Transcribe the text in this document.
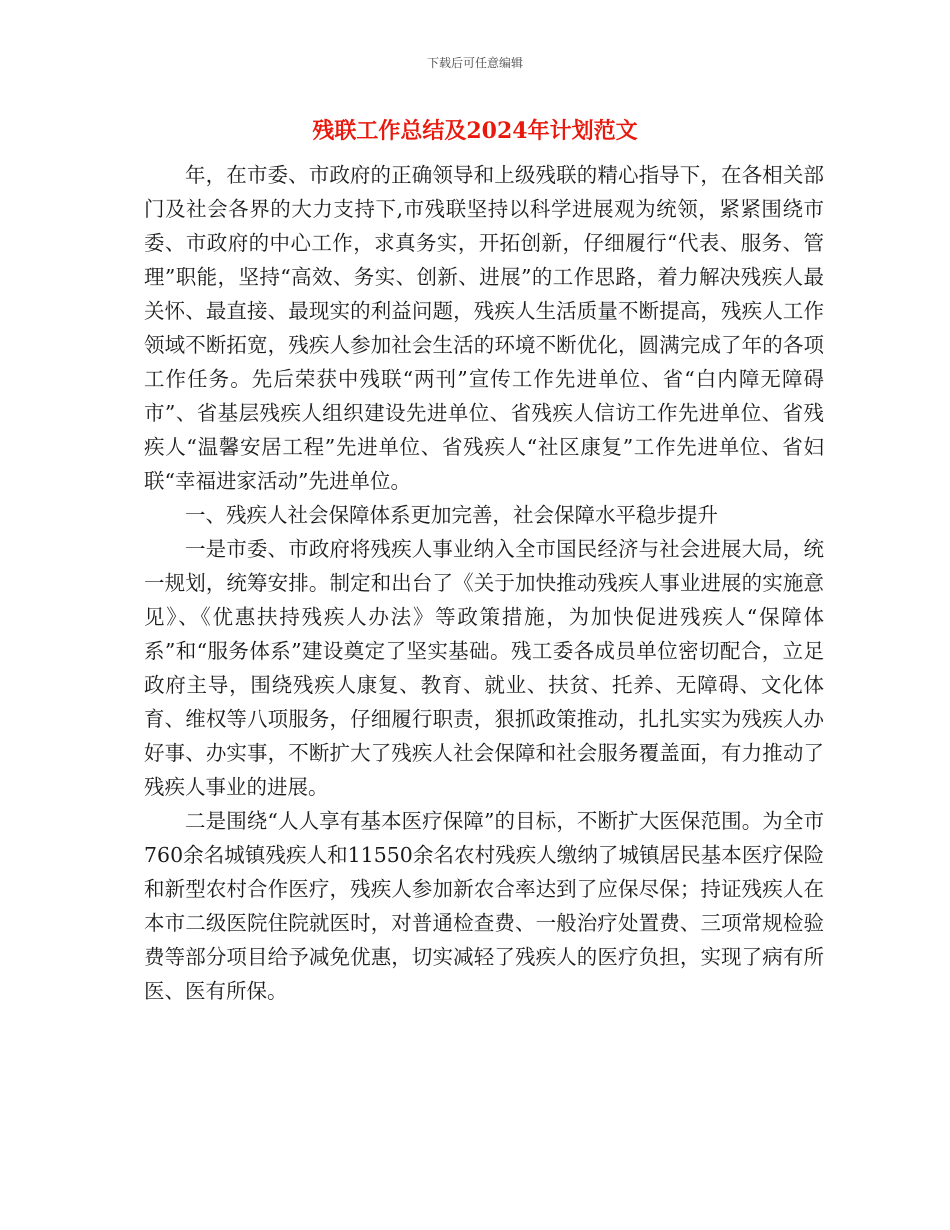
下载后可任意编辑
残联工作总结及2024年计划范文

年，在市委、市政府的正确领导和上级残联的精心指导下，在各相关部门及社会各界的大力支持下,市残联坚持以科学进展观为统领，紧紧围绕市委、市政府的中心工作，求真务实，开拓创新，仔细履行“代表、服务、管理”职能，坚持“高效、务实、创新、进展”的工作思路，着力解决残疾人最关怀、最直接、最现实的利益问题，残疾人生活质量不断提高，残疾人工作领域不断拓宽，残疾人参加社会生活的环境不断优化，圆满完成了年的各项工作任务。先后荣获中残联“两刊”宣传工作先进单位、省“白内障无障碍市”、省基层残疾人组织建设先进单位、省残疾人信访工作先进单位、省残疾人“温馨安居工程”先进单位、省残疾人“社区康复”工作先进单位、省妇联“幸福进家活动”先进单位。

一、残疾人社会保障体系更加完善，社会保障水平稳步提升

一是市委、市政府将残疾人事业纳入全市国民经济与社会进展大局，统一规划，统筹安排。制定和出台了《关于加快推动残疾人事业进展的实施意见》、《优惠扶持残疾人办法》等政策措施，为加快促进残疾人“保障体系”和“服务体系”建设奠定了坚实基础。残工委各成员单位密切配合，立足政府主导，围绕残疾人康复、教育、就业、扶贫、托养、无障碍、文化体育、维权等八项服务，仔细履行职责，狠抓政策推动，扎扎实实为残疾人办好事、办实事，不断扩大了残疾人社会保障和社会服务覆盖面，有力推动了残疾人事业的进展。

二是围绕“人人享有基本医疗保障”的目标，不断扩大医保范围。为全市760余名城镇残疾人和11550余名农村残疾人缴纳了城镇居民基本医疗保险和新型农村合作医疗，残疾人参加新农合率达到了应保尽保；持证残疾人在本市二级医院住院就医时，对普通检查费、一般治疗处置费、三项常规检验费等部分项目给予减免优惠，切实减轻了残疾人的医疗负担，实现了病有所医、医有所保。
